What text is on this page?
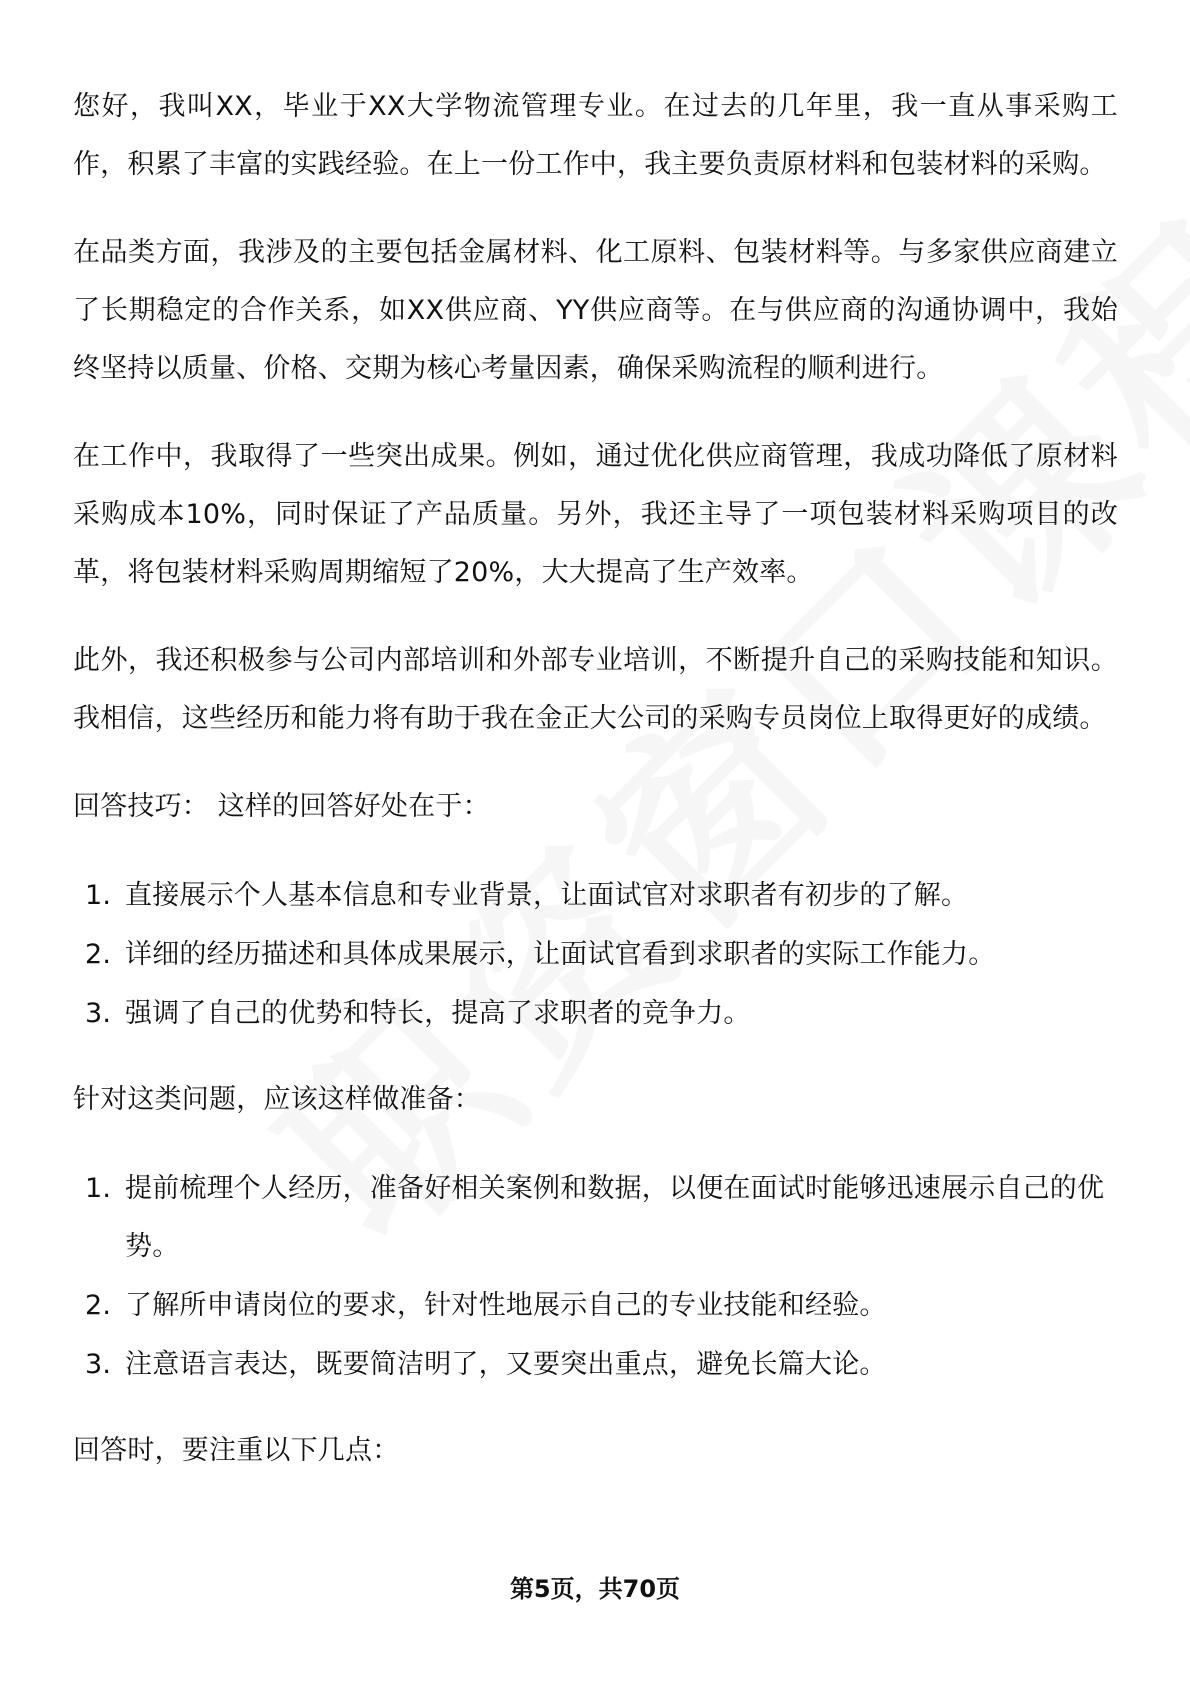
您好，我叫XX，毕业于XX大学物流管理专业。在过去的几年里，我一直从事采购工作，积累了丰富的实践经验。在上一份工作中，我主要负责原材料和包装材料的采购。

在品类方面，我涉及的主要包括金属材料、化工原料、包装材料等。与多家供应商建立了长期稳定的合作关系，如XX供应商、YY供应商等。在与供应商的沟通协调中，我始终坚持以质量、价格、交期为核心考量因素，确保采购流程的顺利进行。

在工作中，我取得了一些突出成果。例如，通过优化供应商管理，我成功降低了原材料采购成本10%，同时保证了产品质量。另外，我还主导了一项包装材料采购项目的改革，将包装材料采购周期缩短了20%，大大提高了生产效率。

此外，我还积极参与公司内部培训和外部专业培训，不断提升自己的采购技能和知识。我相信，这些经历和能力将有助于我在金正大公司的采购专员岗位上取得更好的成绩。

回答技巧： 这样的回答好处在于：

1. 直接展示个人基本信息和专业背景，让面试官对求职者有初步的了解。
2. 详细的经历描述和具体成果展示，让面试官看到求职者的实际工作能力。
3. 强调了自己的优势和特长，提高了求职者的竞争力。

针对这类问题，应该这样做准备：

1. 提前梳理个人经历，准备好相关案例和数据，以便在面试时能够迅速展示自己的优势。
2. 了解所申请岗位的要求，针对性地展示自己的专业技能和经验。
3. 注意语言表达，既要简洁明了，又要突出重点，避免长篇大论。

回答时，要注重以下几点：

第5页，共70页
